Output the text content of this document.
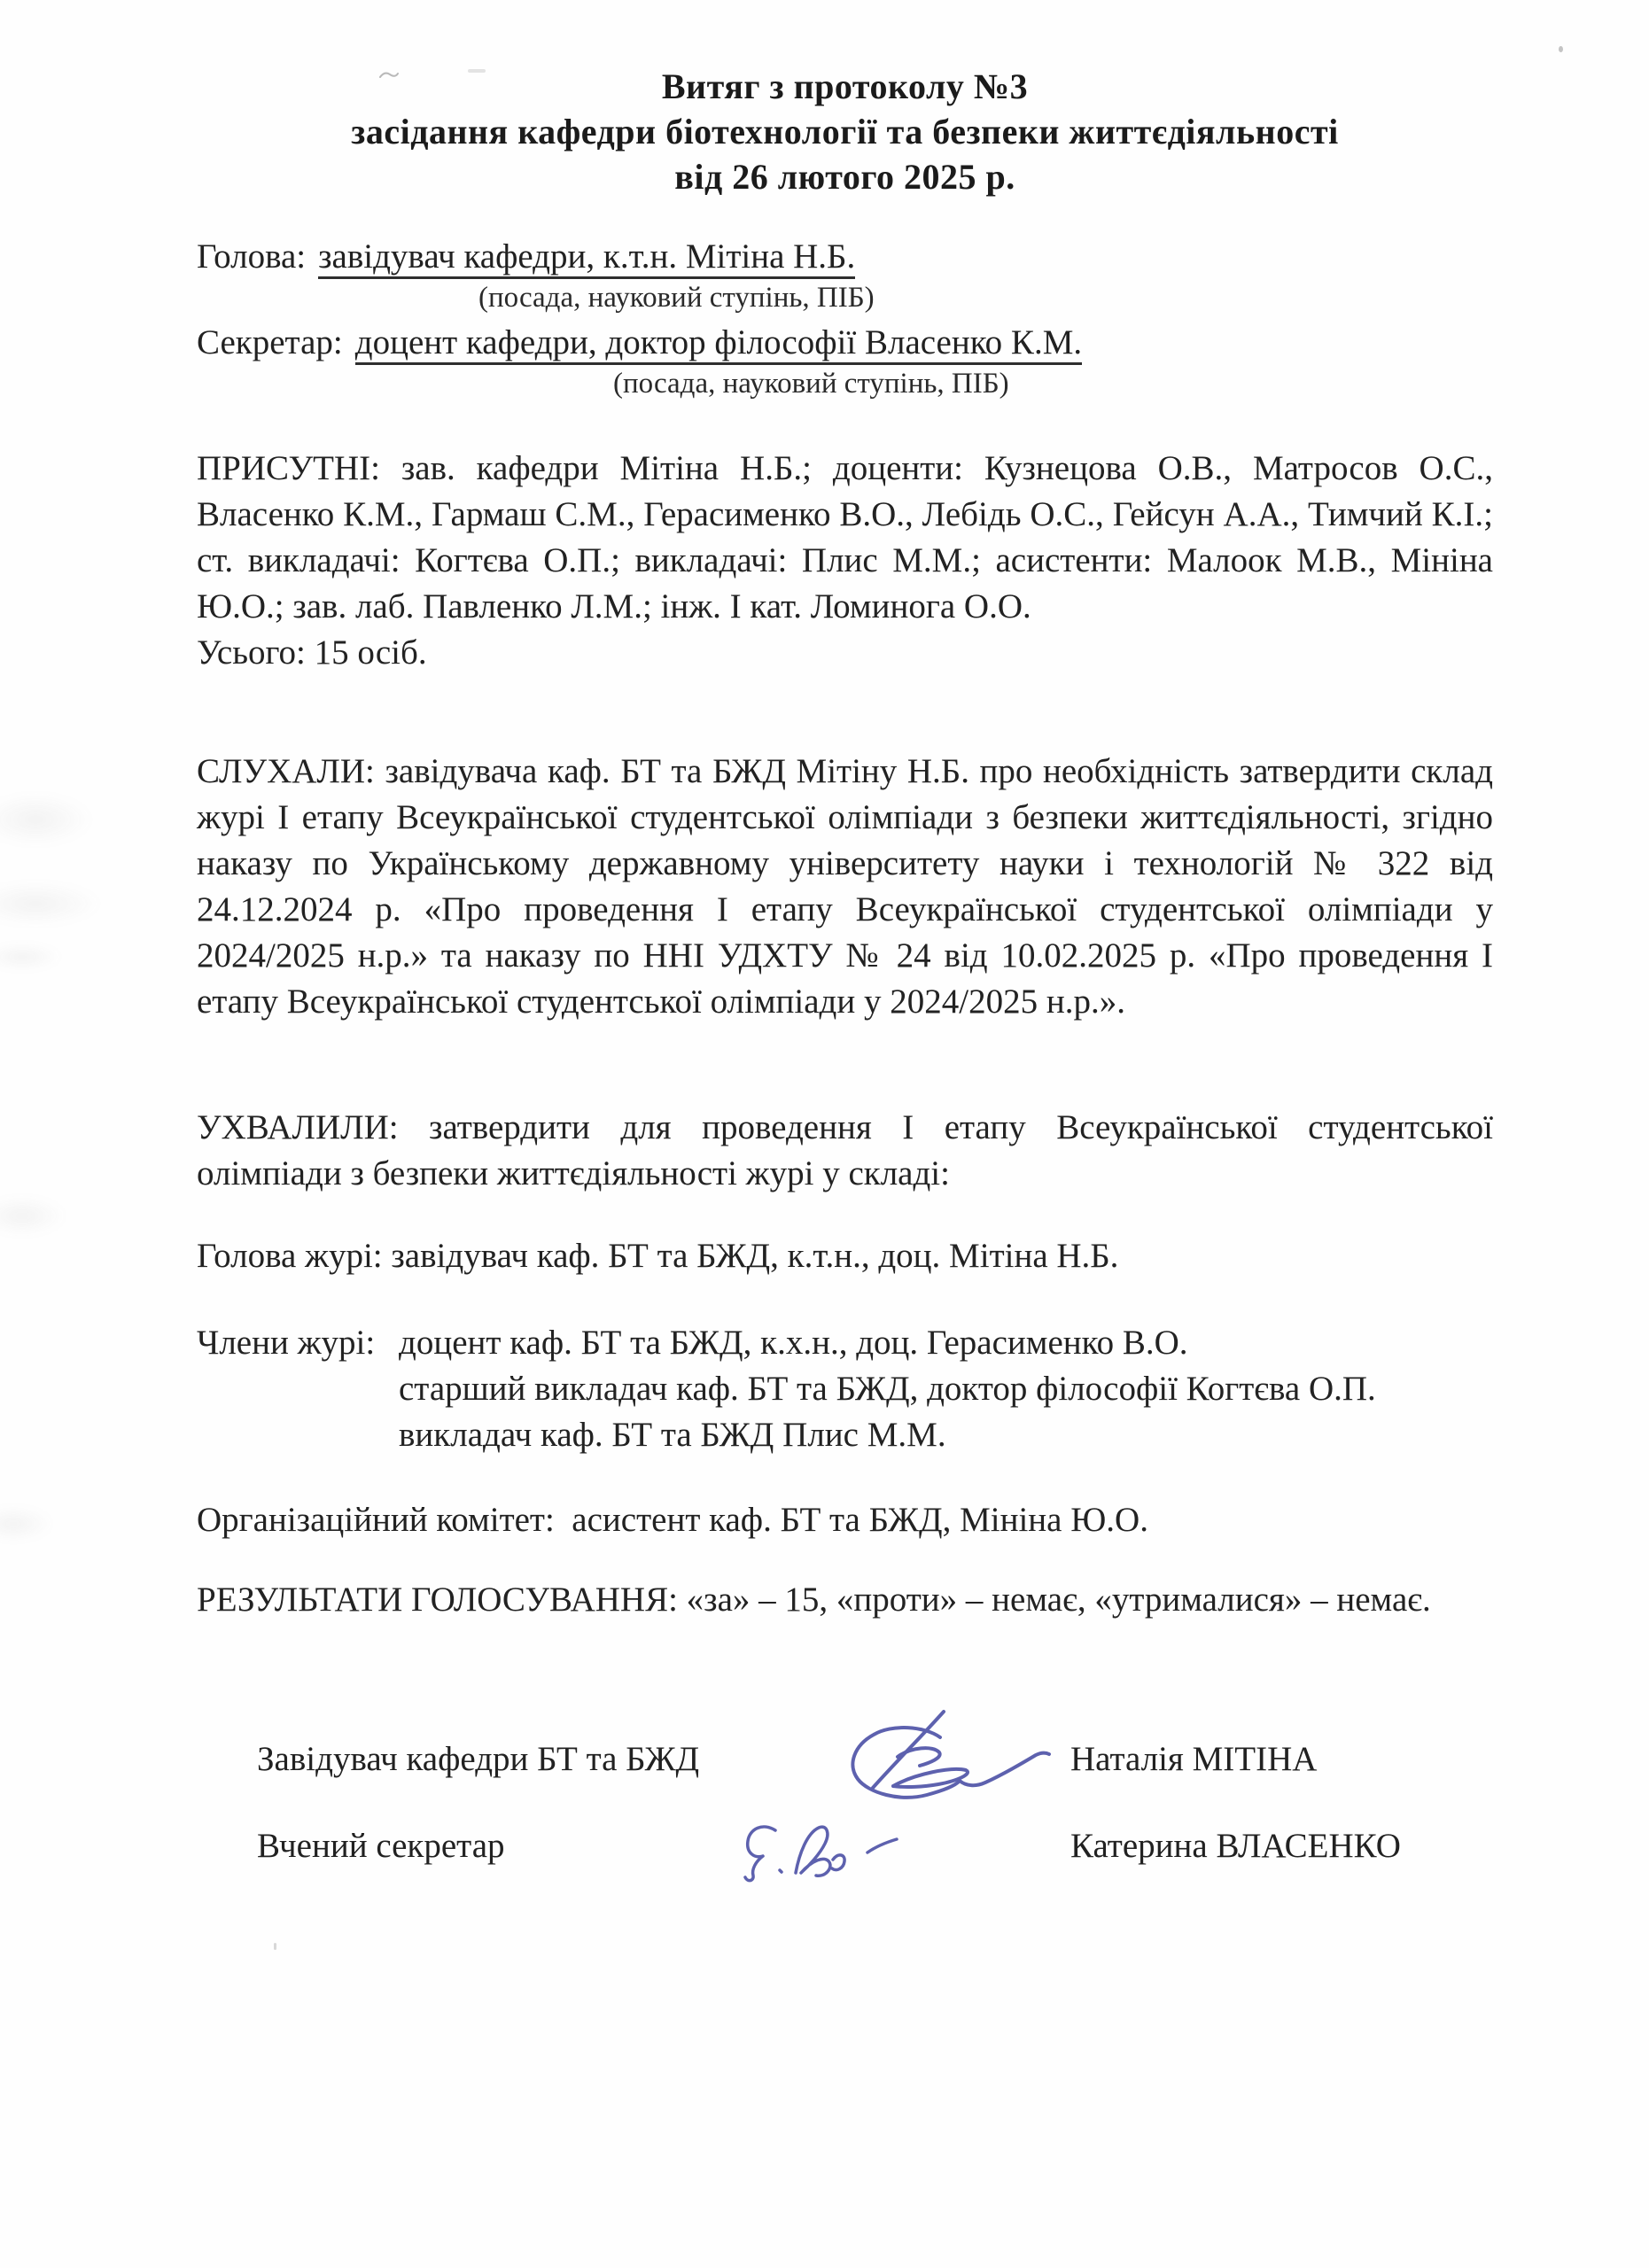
Витяг з протоколу №3
засідання кафедри біотехнології та безпеки життєдіяльності
від 26 лютого 2025 р.
Голова: завідувач кафедри, к.т.н. Мітіна Н.Б.
(посада, науковий ступінь, ПІБ)
Секретар: доцент кафедри, доктор філософії Власенко К.М.
(посада, науковий ступінь, ПІБ)

ПРИСУТНІ: зав. кафедри Мітіна Н.Б.; доценти: Кузнецова О.В., Матросов О.С., Власенко К.М., Гармаш С.М., Герасименко В.О., Лебідь О.С., Гейсун А.А., Тимчий К.І.; ст. викладачі: Когтєва О.П.; викладачі: Плис М.М.; асистенти: Малоок М.В., Мініна Ю.О.; зав. лаб. Павленко Л.М.; інж. І кат. Ломинога О.О.

Усього: 15 осіб.

СЛУХАЛИ: завідувача каф. БТ та БЖД Мітіну Н.Б. про необхідність затвердити склад журі І етапу Всеукраїнської студентської олімпіади з безпеки життєдіяльності, згідно наказу по Українському державному університету науки і технологій № 322 від 24.12.2024 р. «Про проведення І етапу Всеукраїнської студентської олімпіади у 2024/2025 н.р.» та наказу по ННІ УДХТУ № 24 від 10.02.2025 р. «Про проведення І етапу Всеукраїнської студентської олімпіади у 2024/2025 н.р.».

УХВАЛИЛИ: затвердити для проведення І етапу Всеукраїнської студентської олімпіади з безпеки життєдіяльності журі у складі:

Голова журі: завідувач каф. БТ та БЖД, к.т.н., доц. Мітіна Н.Б.

Члени журі: доцент каф. БТ та БЖД, к.х.н., доц. Герасименко В.О.
старший викладач каф. БТ та БЖД, доктор філософії Когтєва О.П.
викладач каф. БТ та БЖД Плис М.М.

Організаційний комітет:  асистент каф. БТ та БЖД, Мініна Ю.О.

РЕЗУЛЬТАТИ ГОЛОСУВАННЯ: «за» – 15, «проти» – немає, «утрималися» – немає.

Завідувач кафедри БТ та БЖД	Наталія МІТІНА
Вчений секретар	Катерина ВЛАСЕНКО
